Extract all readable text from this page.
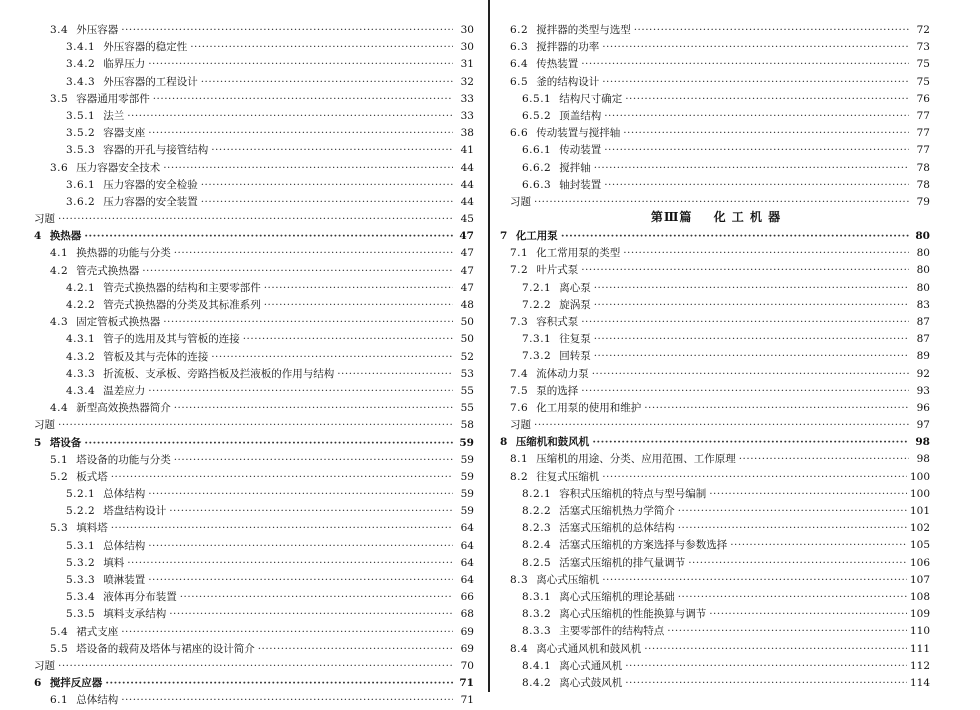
3.4 外压容器 ·····	30
3.4.1 外压容器的稳定性 ·····	30
3.4.2 临界压力 ·····	31
3.4.3 外压容器的工程设计 ·····	32
3.5 容器通用零部件 ·····	33
3.5.1 法兰 ·····	33
3.5.2 容器支座 ·····	38
3.5.3 容器的开孔与接管结构 ·····	41
3.6 压力容器安全技术 ·····	44
3.6.1 压力容器的安全检验 ·····	44
3.6.2 压力容器的安全装置 ·····	44
习题 ·····	45
4 换热器 ·····	47
4.1 换热器的功能与分类 ·····	47
4.2 管壳式换热器 ·····	47
4.2.1 管壳式换热器的结构和主要零部件 ·····	47
4.2.2 管壳式换热器的分类及其标准系列 ·····	48
4.3 固定管板式换热器 ·····	50
4.3.1 管子的选用及其与管板的连接 ·····	50
4.3.2 管板及其与壳体的连接 ·····	52
4.3.3 折流板、支承板、旁路挡板及拦液板的作用与结构 ·····	53
4.3.4 温差应力 ·····	55
4.4 新型高效换热器简介 ·····	55
习题 ·····	58
5 塔设备 ·····	59
5.1 塔设备的功能与分类 ·····	59
5.2 板式塔 ·····	59
5.2.1 总体结构 ·····	59
5.2.2 塔盘结构设计 ·····	59
5.3 填料塔 ·····	64
5.3.1 总体结构 ·····	64
5.3.2 填料 ·····	64
5.3.3 喷淋装置 ·····	64
5.3.4 液体再分布装置 ·····	66
5.3.5 填料支承结构 ·····	68
5.4 裙式支座 ·····	69
5.5 塔设备的载荷及塔体与裙座的设计简介 ·····	69
习题 ·····	70
6 搅拌反应器 ·····	71
6.1 总体结构 ·····	71
6.2 搅拌器的类型与选型 ·····	72
6.3 搅拌器的功率 ·····	73
6.4 传热装置 ·····	75
6.5 釜的结构设计 ·····	75
6.5.1 结构尺寸确定 ·····	76
6.5.2 顶盖结构 ·····	77
6.6 传动装置与搅拌轴 ·····	77
6.6.1 传动装置 ·····	77
6.6.2 搅拌轴 ·····	78
6.6.3 轴封装置 ·····	78
习题 ·····	79
第Ⅲ篇 化 工 机 器
7 化工用泵 ·····	80
7.1 化工常用泵的类型 ·····	80
7.2 叶片式泵 ·····	80
7.2.1 离心泵 ·····	80
7.2.2 旋涡泵 ·····	83
7.3 容积式泵 ·····	87
7.3.1 往复泵 ·····	87
7.3.2 回转泵 ·····	89
7.4 流体动力泵 ·····	92
7.5 泵的选择 ·····	93
7.6 化工用泵的使用和维护 ·····	96
习题 ·····	97
8 压缩机和鼓风机 ·····	98
8.1 压缩机的用途、分类、应用范围、工作原理 ·····	98
8.2 往复式压缩机 ·····	100
8.2.1 容积式压缩机的特点与型号编制 ·····	100
8.2.2 活塞式压缩机热力学简介 ·····	101
8.2.3 活塞式压缩机的总体结构 ·····	102
8.2.4 活塞式压缩机的方案选择与参数选择 ·····	105
8.2.5 活塞式压缩机的排气量调节 ·····	106
8.3 离心式压缩机 ·····	107
8.3.1 离心式压缩机的理论基础 ·····	108
8.3.2 离心式压缩机的性能换算与调节 ·····	109
8.3.3 主要零部件的结构特点 ·····	110
8.4 离心式通风机和鼓风机 ·····	111
8.4.1 离心式通风机 ·····	112
8.4.2 离心式鼓风机 ·····	114
